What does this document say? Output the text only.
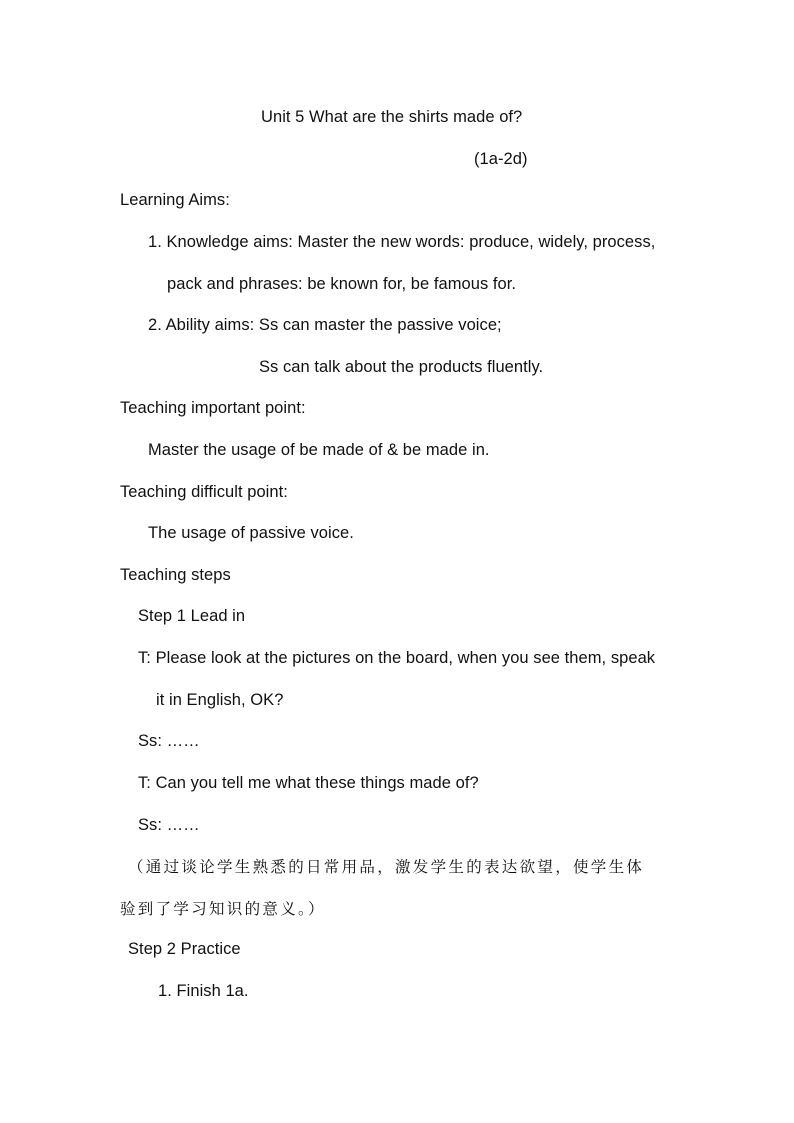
Unit 5 What are the shirts made of?
(1a-2d)
Learning Aims:
1. Knowledge aims: Master the new words: produce, widely, process,
pack and phrases: be known for, be famous for.
2. Ability aims: Ss can master the passive voice;
Ss can talk about the products fluently.
Teaching important point:
Master the usage of be made of & be made in.
Teaching difficult point:
The usage of passive voice.
Teaching steps
Step 1 Lead in
T: Please look at the pictures on the board, when you see them, speak
it in English, OK?
Ss: ……
T: Can you tell me what these things made of?
Ss: ……
（通过谈论学生熟悉的日常用品，激发学生的表达欲望，使学生体
验到了学习知识的意义。）
Step 2 Practice
1. Finish 1a.
